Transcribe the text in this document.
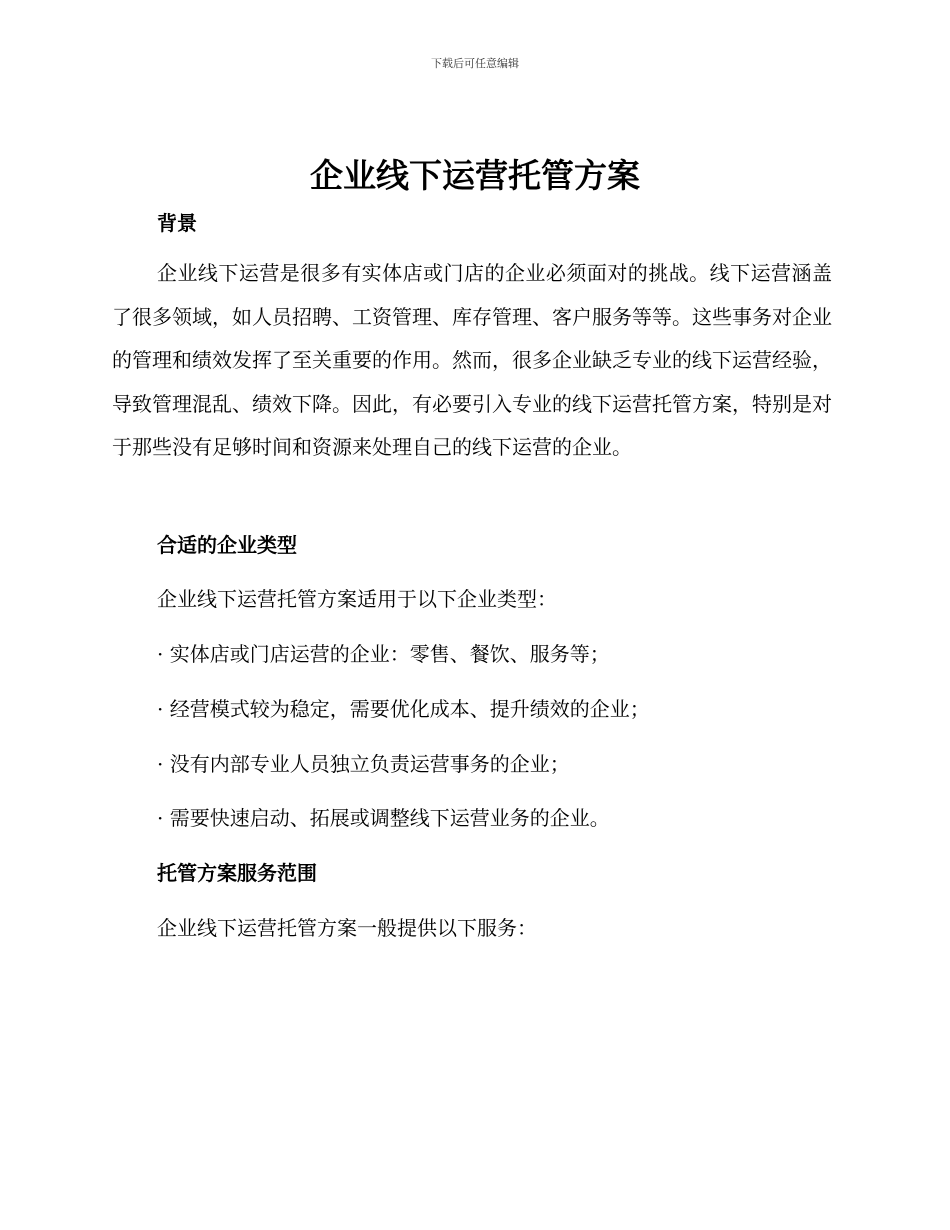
下载后可任意编辑
企业线下运营托管方案
背景

企业线下运营是很多有实体店或门店的企业必须面对的挑战。线下运营涵盖了很多领域，如人员招聘、工资管理、库存管理、客户服务等等。这些事务对企业的管理和绩效发挥了至关重要的作用。然而，很多企业缺乏专业的线下运营经验，导致管理混乱、绩效下降。因此，有必要引入专业的线下运营托管方案，特别是对于那些没有足够时间和资源来处理自己的线下运营的企业。

合适的企业类型
企业线下运营托管方案适用于以下企业类型：
· 实体店或门店运营的企业：零售、餐饮、服务等；
· 经营模式较为稳定，需要优化成本、提升绩效的企业；
· 没有内部专业人员独立负责运营事务的企业；
· 需要快速启动、拓展或调整线下运营业务的企业。
托管方案服务范围
企业线下运营托管方案一般提供以下服务：
